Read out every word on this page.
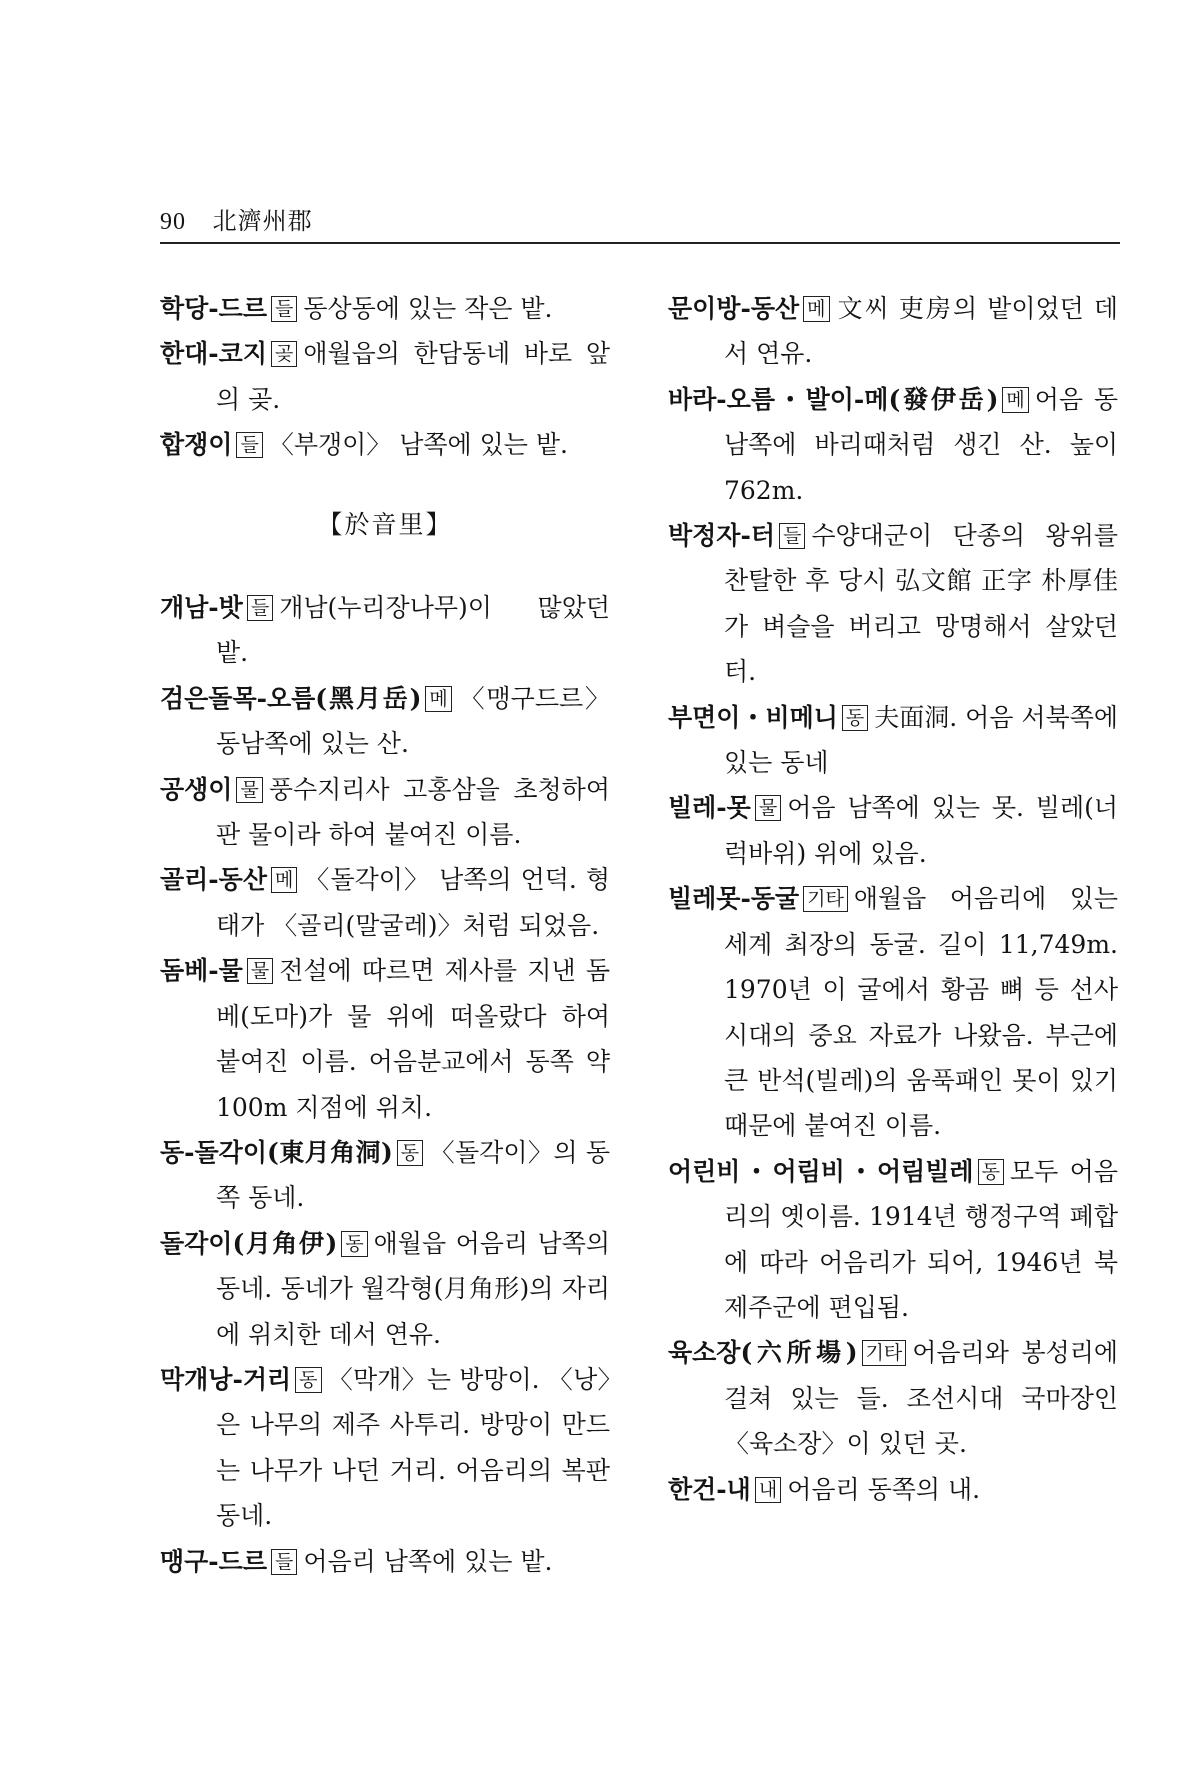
90 北濟州郡

학당-드르 들 동상동에 있는 작은 밭.

한대-코지 곶 애월읍의 한담동네 바로 앞의 곶.

합쟁이 들 〈부갱이〉 남쪽에 있는 밭.

【於音里】

개남-밧 들 개남(누리장나무)이 많았던 밭.

검은돌목-오름(黑月岳) 메 〈맹구드르〉 동남쪽에 있는 산.

공생이 물 풍수지리사 고홍삼을 초청하여 판 물이라 하여 붙여진 이름.

골리-동산 메 〈돌각이〉 남쪽의 언덕. 형태가 〈골리(말굴레)〉처럼 되었음.

돔베-물 물 전설에 따르면 제사를 지낸 돔베(도마)가 물 위에 떠올랐다 하여 붙여진 이름. 어음분교에서 동쪽 약 100m 지점에 위치.

동-돌각이(東月角洞) 동 〈돌각이〉의 동쪽 동네.

돌각이(月角伊) 동 애월읍 어음리 남쪽의 동네. 동네가 월각형(月角形)의 자리에 위치한 데서 연유.

막개낭-거리 동 〈막개〉는 방망이. 〈낭〉은 나무의 제주 사투리. 방망이 만드는 나무가 나던 거리. 어음리의 복판 동네.

맹구-드르 들 어음리 남쪽에 있는 밭.

문이방-동산 메 文씨 吏房의 밭이었던 데서 연유.

바라-오름・발이-메(發伊岳) 메 어음 동남쪽에 바리때처럼 생긴 산. 높이 762m.

박정자-터 들 수양대군이 단종의 왕위를 찬탈한 후 당시 弘文館 正字 朴厚佳가 벼슬을 버리고 망명해서 살았던 터.

부면이・비메니 동 夫面洞. 어음 서북쪽에 있는 동네

빌레-못 물 어음 남쪽에 있는 못. 빌레(너럭바위) 위에 있음.

빌레못-동굴 기타 애월읍 어음리에 있는 세계 최장의 동굴. 길이 11,749m. 1970년 이 굴에서 황곰 뼈 등 선사시대의 중요 자료가 나왔음. 부근에 큰 반석(빌레)의 움푹패인 못이 있기 때문에 붙여진 이름.

어린비・어림비・어림빌레 동 모두 어음리의 옛이름. 1914년 행정구역 폐합에 따라 어음리가 되어, 1946년 북제주군에 편입됨.

육소장(六所場) 기타 어음리와 봉성리에 걸쳐 있는 들. 조선시대 국마장인 〈육소장〉이 있던 곳.

한건-내 내 어음리 동쪽의 내.
